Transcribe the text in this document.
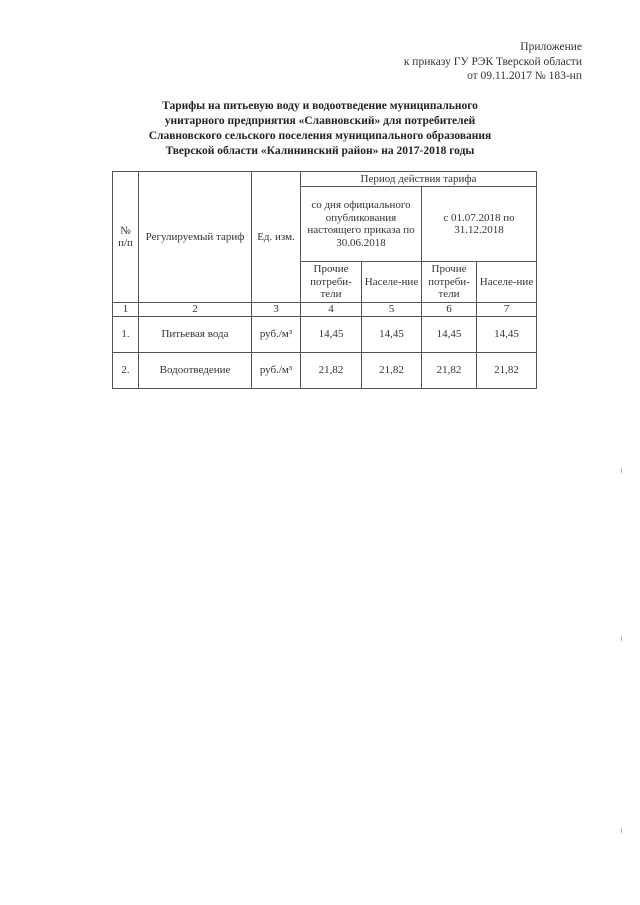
Приложение
к приказу ГУ РЭК Тверской области
от 09.11.2017 № 183-нп
Тарифы на питьевую воду и водоотведение муниципального
унитарного предприятия «Славновский» для потребителей
Славновского сельского поселения муниципального образования
Тверской области «Калининский район» на 2017-2018 годы
№ п/п	Регулируемый тариф	Ед. изм.	Период действия тарифа			
			со дня официального опубликования настоящего приказа по 30.06.2018		с 01.07.2018 по 31.12.2018	
			Прочие потреби-тели	Населе-ние	Прочие потреби-тели	Населе-ние
1	2	3	4	5	6	7
1.	Питьевая вода	руб./м³	14,45	14,45	14,45	14,45
2.	Водоотведение	руб./м³	21,82	21,82	21,82	21,82
